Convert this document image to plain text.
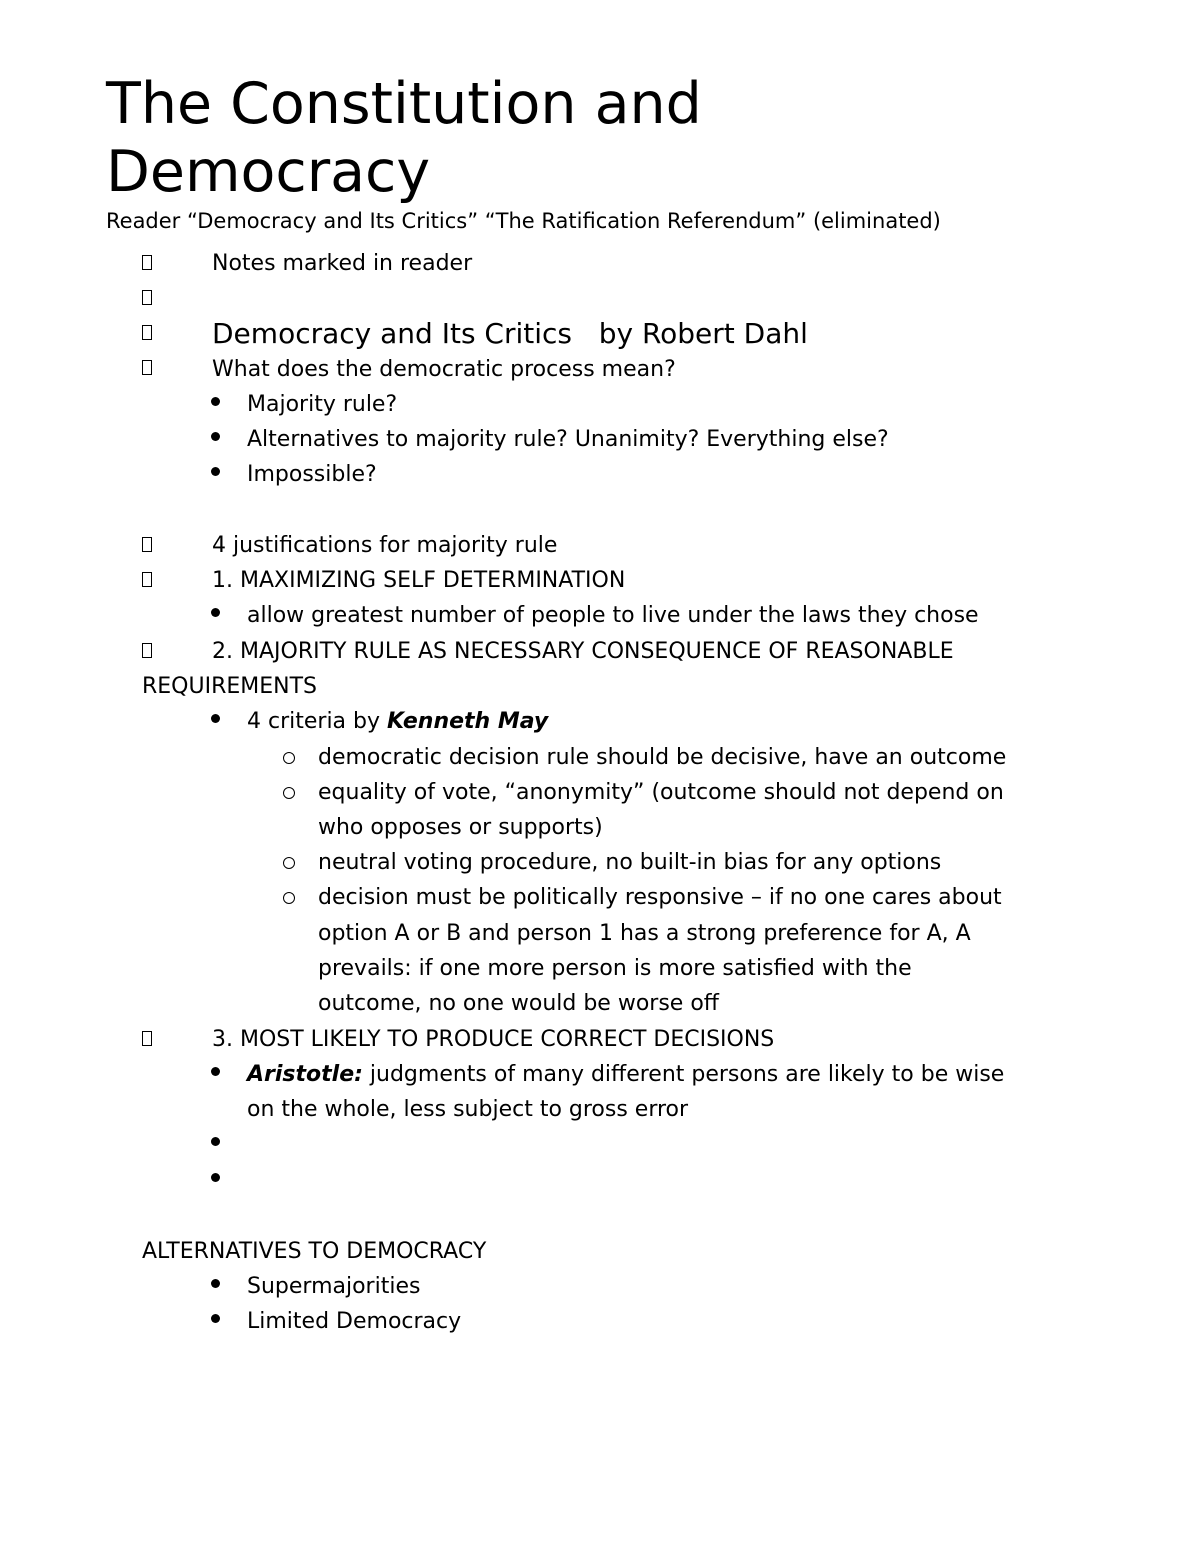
The Constitution and Democracy
Reader “Democracy and Its Critics” “The Ratification Referendum” (eliminated)
Notes marked in reader
Democracy and Its Critics   by Robert Dahl
What does the democratic process mean?
Majority rule?
Alternatives to majority rule? Unanimity? Everything else?
Impossible?
4 justifications for majority rule
1. MAXIMIZING SELF DETERMINATION
allow greatest number of people to live under the laws they chose
2. MAJORITY RULE AS NECESSARY CONSEQUENCE OF REASONABLE
REQUIREMENTS
4 criteria by Kenneth May
democratic decision rule should be decisive, have an outcome
equality of vote, “anonymity” (outcome should not depend on
who opposes or supports)
neutral voting procedure, no built-in bias for any options
decision must be politically responsive – if no one cares about
option A or B and person 1 has a strong preference for A, A
prevails: if one more person is more satisfied with the
outcome, no one would be worse off
3. MOST LIKELY TO PRODUCE CORRECT DECISIONS
Aristotle: judgments of many different persons are likely to be wise
on the whole, less subject to gross error
ALTERNATIVES TO DEMOCRACY
Supermajorities
Limited Democracy
